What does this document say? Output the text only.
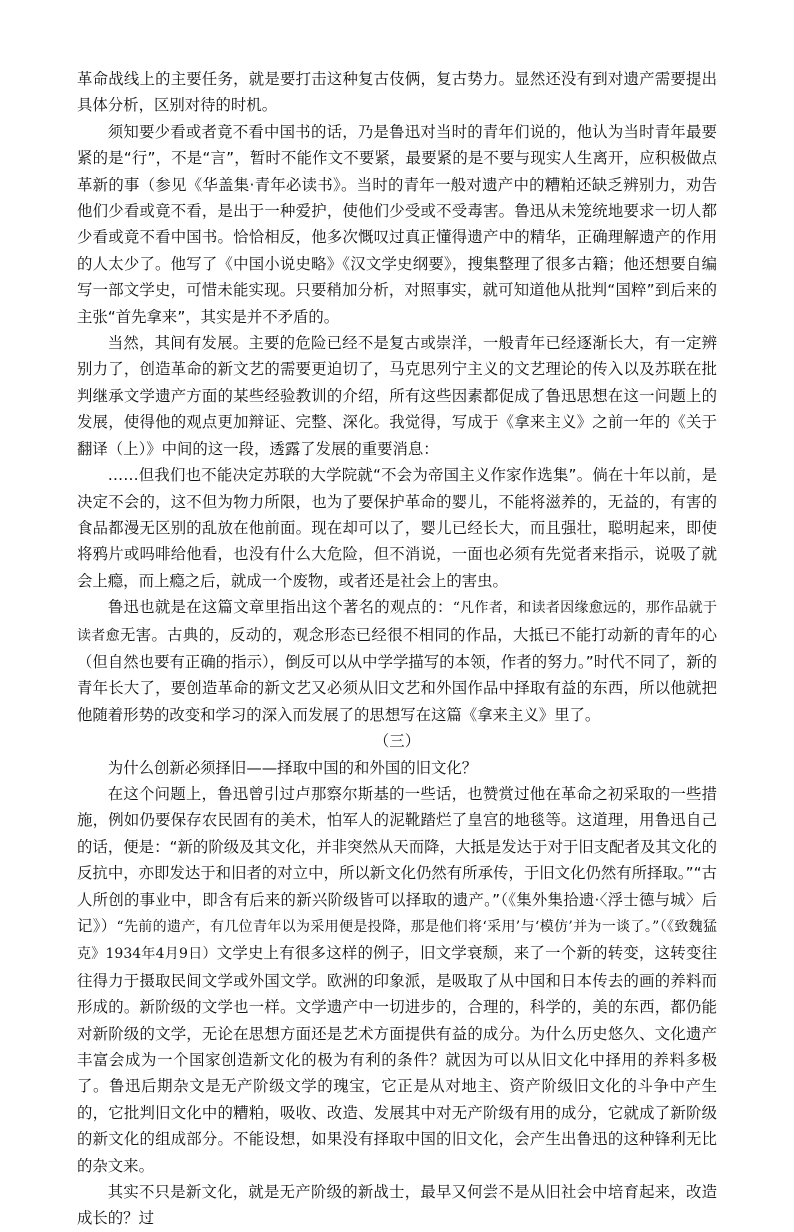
革命战线上的主要任务，就是要打击这种复古伎俩，复古势力。显然还没有到对遗产需要提出具体分析，区别对待的时机。

须知要少看或者竟不看中国书的话，乃是鲁迅对当时的青年们说的，他认为当时青年最要紧的是“行”，不是“言”，暂时不能作文不要紧，最要紧的是不要与现实人生离开，应积极做点革新的事（参见《华盖集·青年必读书》。当时的青年一般对遗产中的糟粕还缺乏辨别力，劝告他们少看或竟不看，是出于一种爱护，使他们少受或不受毒害。鲁迅从未笼统地要求一切人都少看或竟不看中国书。恰恰相反，他多次慨叹过真正懂得遗产中的精华，正确理解遗产的作用的人太少了。他写了《中国小说史略》《汉文学史纲要》，搜集整理了很多古籍；他还想要自编写一部文学史，可惜未能实现。只要稍加分析，对照事实，就可知道他从批判“国粹”到后来的主张“首先拿来”，其实是并不矛盾的。

当然，其间有发展。主要的危险已经不是复古或崇洋，一般青年已经逐渐长大，有一定辨别力了，创造革命的新文艺的需要更迫切了，马克思列宁主义的文艺理论的传入以及苏联在批判继承文学遗产方面的某些经验教训的介绍，所有这些因素都促成了鲁迅思想在这一问题上的发展，使得他的观点更加辩证、完整、深化。我觉得，写成于《拿来主义》之前一年的《关于翻译（上）》中间的这一段，透露了发展的重要消息：

……但我们也不能决定苏联的大学院就“不会为帝国主义作家作选集”。倘在十年以前，是决定不会的，这不但为物力所限，也为了要保护革命的婴儿，不能将滋养的，无益的，有害的食品都漫无区别的乱放在他前面。现在却可以了，婴儿已经长大，而且强壮，聪明起来，即使将鸦片或吗啡给他看，也没有什么大危险，但不消说，一面也必须有先觉者来指示，说吸了就会上瘾，而上瘾之后，就成一个废物，或者还是社会上的害虫。

鲁迅也就是在这篇文章里指出这个著名的观点的：“凡作者，和读者因缘愈远的，那作品就于读者愈无害。古典的，反动的，观念形态已经很不相同的作品，大抵已不能打动新的青年的心（但自然也要有正确的指示），倒反可以从中学学描写的本领，作者的努力。”时代不同了，新的青年长大了，要创造革命的新文艺又必须从旧文艺和外国作品中择取有益的东西，所以他就把他随着形势的改变和学习的深入而发展了的思想写在这篇《拿来主义》里了。

（三）

为什么创新必须择旧——择取中国的和外国的旧文化？

在这个问题上，鲁迅曾引过卢那察尔斯基的一些话，也赞赏过他在革命之初采取的一些措施，例如仍要保存农民固有的美术，怕军人的泥靴踏烂了皇宫的地毯等。这道理，用鲁迅自己的话，便是：“新的阶级及其文化，并非突然从天而降，大抵是发达于对于旧支配者及其文化的反抗中，亦即发达于和旧者的对立中，所以新文化仍然有所承传，于旧文化仍然有所择取。”“古人所创的事业中，即含有后来的新兴阶级皆可以择取的遗产。”（《集外集拾遗·〈浮士德与城〉后记》）“先前的遗产，有几位青年以为采用便是投降，那是他们将‘采用’与‘模仿’并为一谈了。”（《致魏猛克》1934年4月9日）文学史上有很多这样的例子，旧文学衰颓，来了一个新的转变，这转变往往得力于摄取民间文学或外国文学。欧洲的印象派，是吸取了从中国和日本传去的画的养料而形成的。新阶级的文学也一样。文学遗产中一切进步的，合理的，科学的，美的东西，都仍能对新阶级的文学，无论在思想方面还是艺术方面提供有益的成分。为什么历史悠久、文化遗产丰富会成为一个国家创造新文化的极为有利的条件？就因为可以从旧文化中择用的养料多极了。鲁迅后期杂文是无产阶级文学的瑰宝，它正是从对地主、资产阶级旧文化的斗争中产生的，它批判旧文化中的糟粕，吸收、改造、发展其中对无产阶级有用的成分，它就成了新阶级的新文化的组成部分。不能设想，如果没有择取中国的旧文化，会产生出鲁迅的这种锋利无比的杂文来。

其实不只是新文化，就是无产阶级的新战士，最早又何尝不是从旧社会中培育起来，改造成长的？过
